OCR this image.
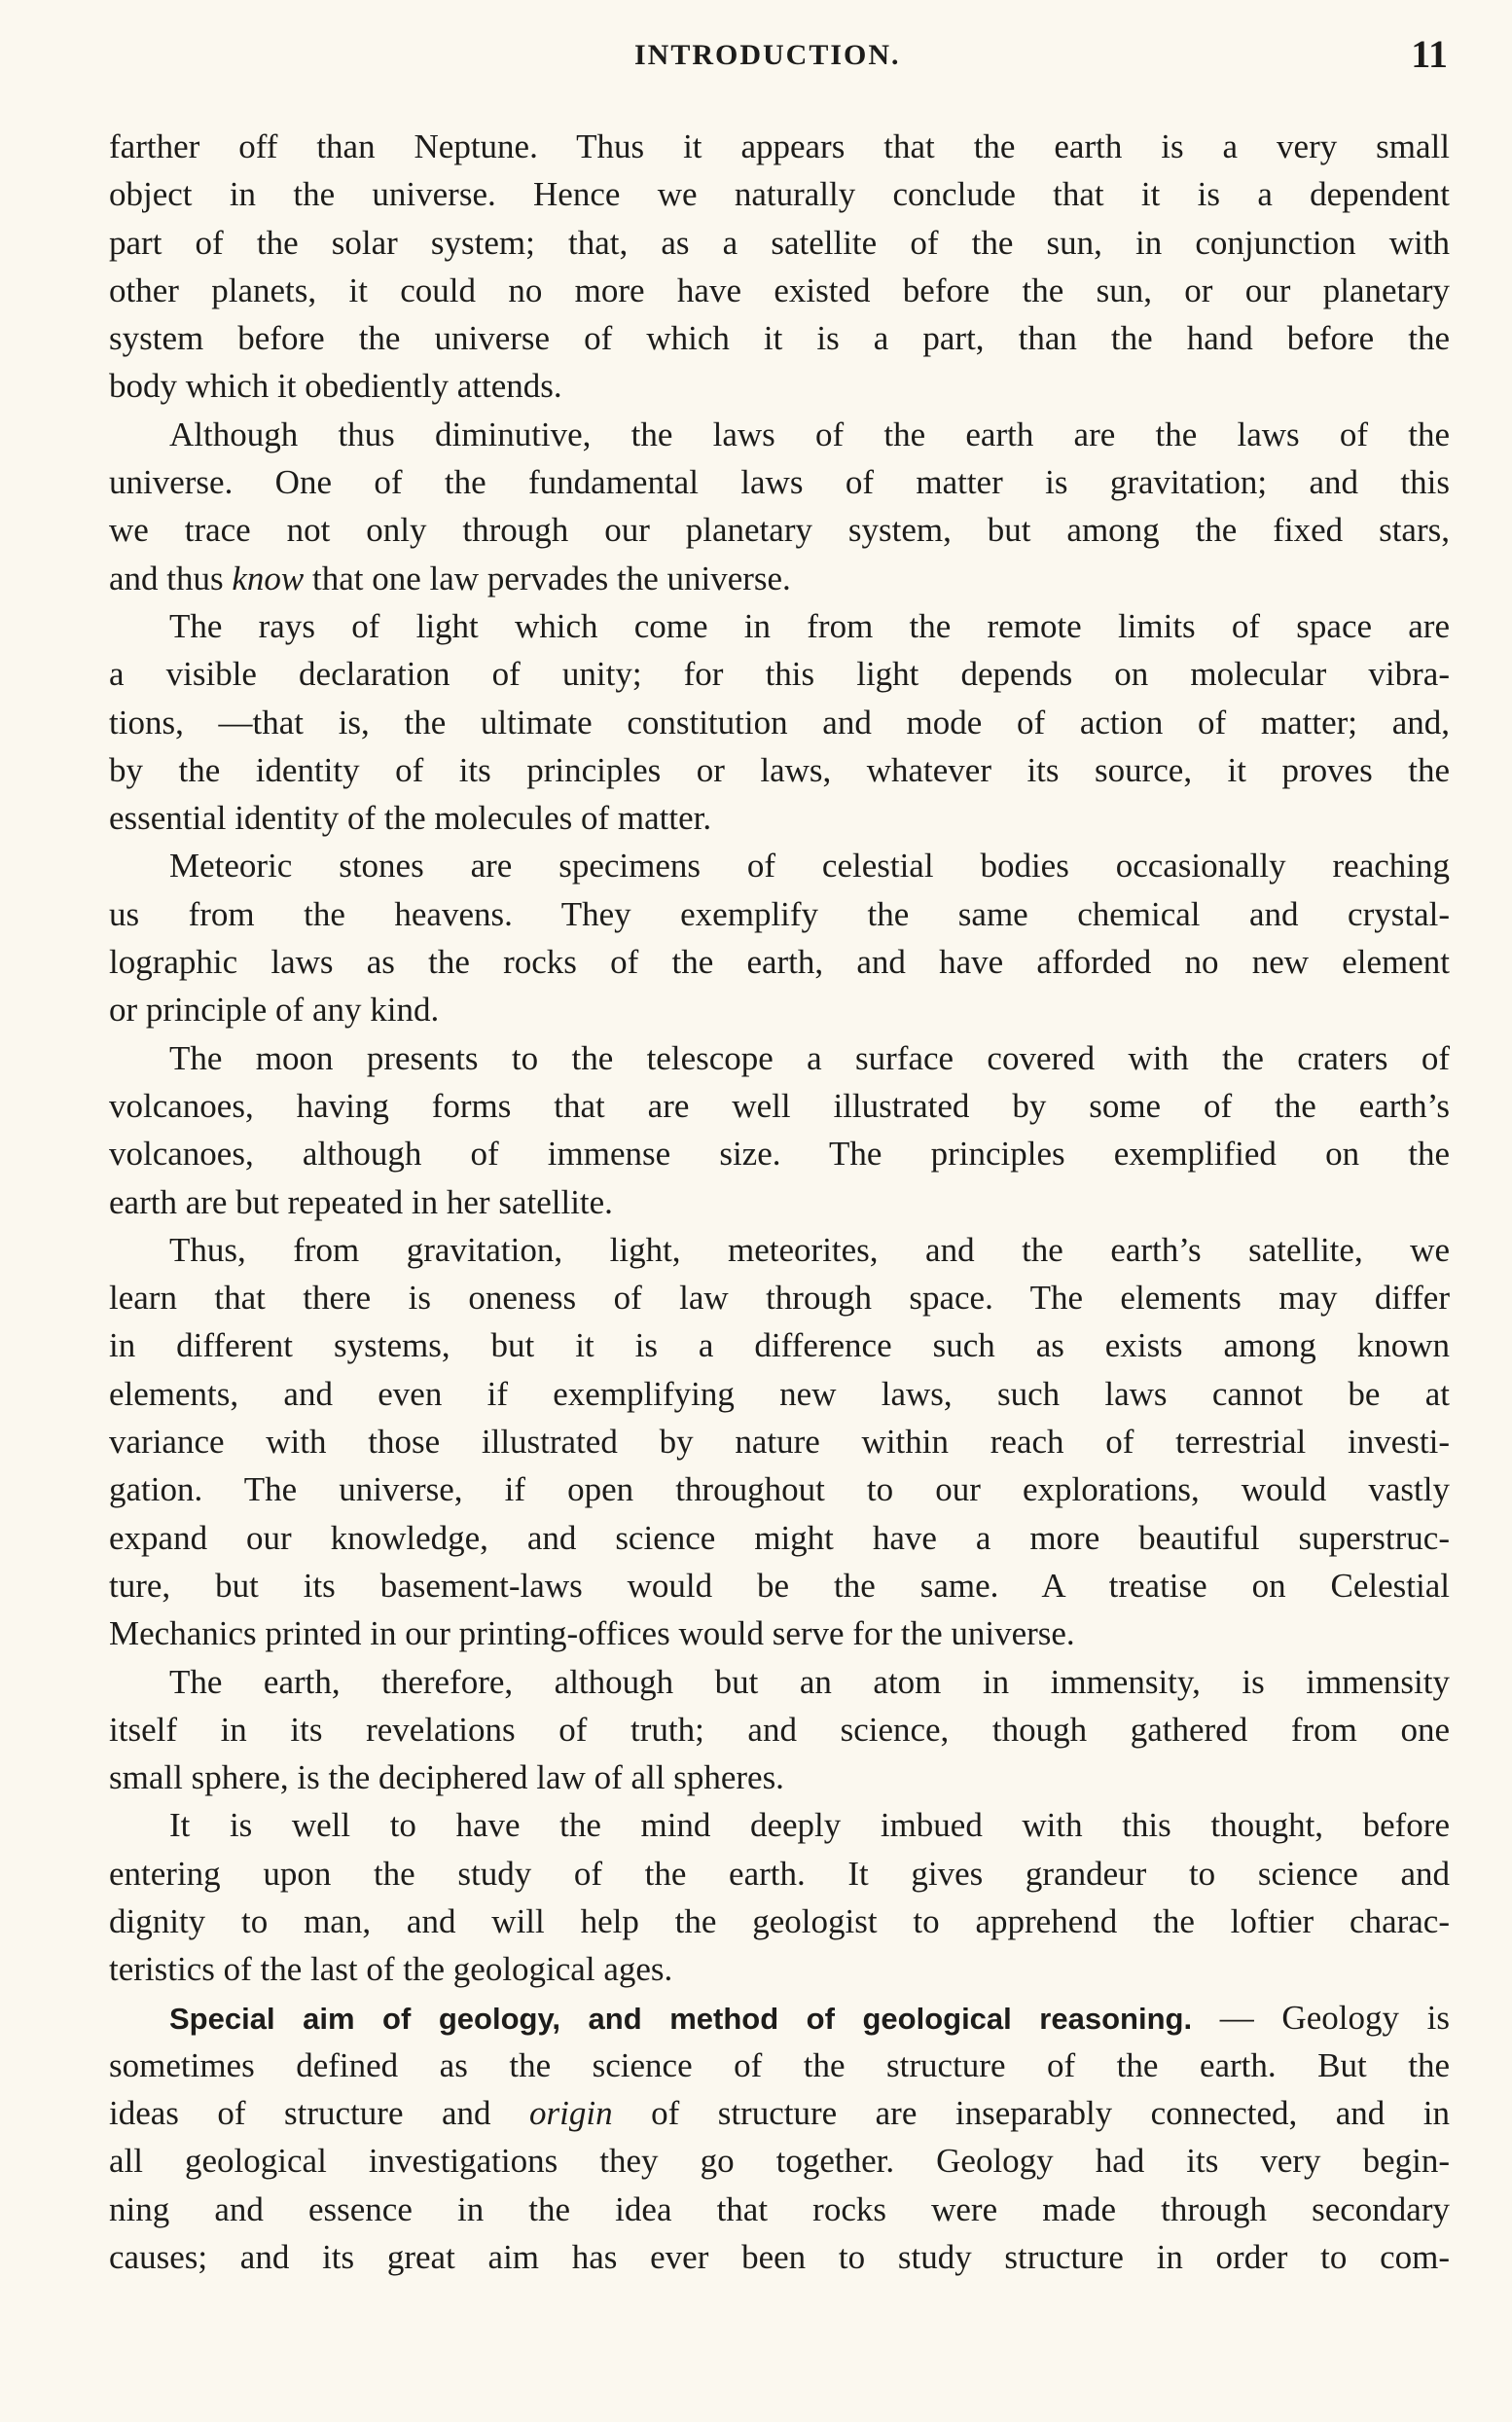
INTRODUCTION.	11
farther off than Neptune. Thus it appears that the earth is a very small
object in the universe. Hence we naturally conclude that it is a dependent
part of the solar system; that, as a satellite of the sun, in conjunction with
other planets, it could no more have existed before the sun, or our planetary
system before the universe of which it is a part, than the hand before the
body which it obediently attends.
Although thus diminutive, the laws of the earth are the laws of the
universe. One of the fundamental laws of matter is gravitation; and this
we trace not only through our planetary system, but among the fixed stars,
and thus know that one law pervades the universe.
The rays of light which come in from the remote limits of space are
a visible declaration of unity; for this light depends on molecular vibra-
tions, —that is, the ultimate constitution and mode of action of matter; and,
by the identity of its principles or laws, whatever its source, it proves the
essential identity of the molecules of matter.
Meteoric stones are specimens of celestial bodies occasionally reaching
us from the heavens. They exemplify the same chemical and crystal-
lographic laws as the rocks of the earth, and have afforded no new element
or principle of any kind.
The moon presents to the telescope a surface covered with the craters of
volcanoes, having forms that are well illustrated by some of the earth’s
volcanoes, although of immense size. The principles exemplified on the
earth are but repeated in her satellite.
Thus, from gravitation, light, meteorites, and the earth’s satellite, we
learn that there is oneness of law through space. The elements may differ
in different systems, but it is a difference such as exists among known
elements, and even if exemplifying new laws, such laws cannot be at
variance with those illustrated by nature within reach of terrestrial investi-
gation. The universe, if open throughout to our explorations, would vastly
expand our knowledge, and science might have a more beautiful superstruc-
ture, but its basement-laws would be the same. A treatise on Celestial
Mechanics printed in our printing-offices would serve for the universe.
The earth, therefore, although but an atom in immensity, is immensity
itself in its revelations of truth; and science, though gathered from one
small sphere, is the deciphered law of all spheres.
It is well to have the mind deeply imbued with this thought, before
entering upon the study of the earth. It gives grandeur to science and
dignity to man, and will help the geologist to apprehend the loftier charac-
teristics of the last of the geological ages.
Special aim of geology, and method of geological reasoning. — Geology is
sometimes defined as the science of the structure of the earth. But the
ideas of structure and origin of structure are inseparably connected, and in
all geological investigations they go together. Geology had its very begin-
ning and essence in the idea that rocks were made through secondary
causes; and its great aim has ever been to study structure in order to com-
